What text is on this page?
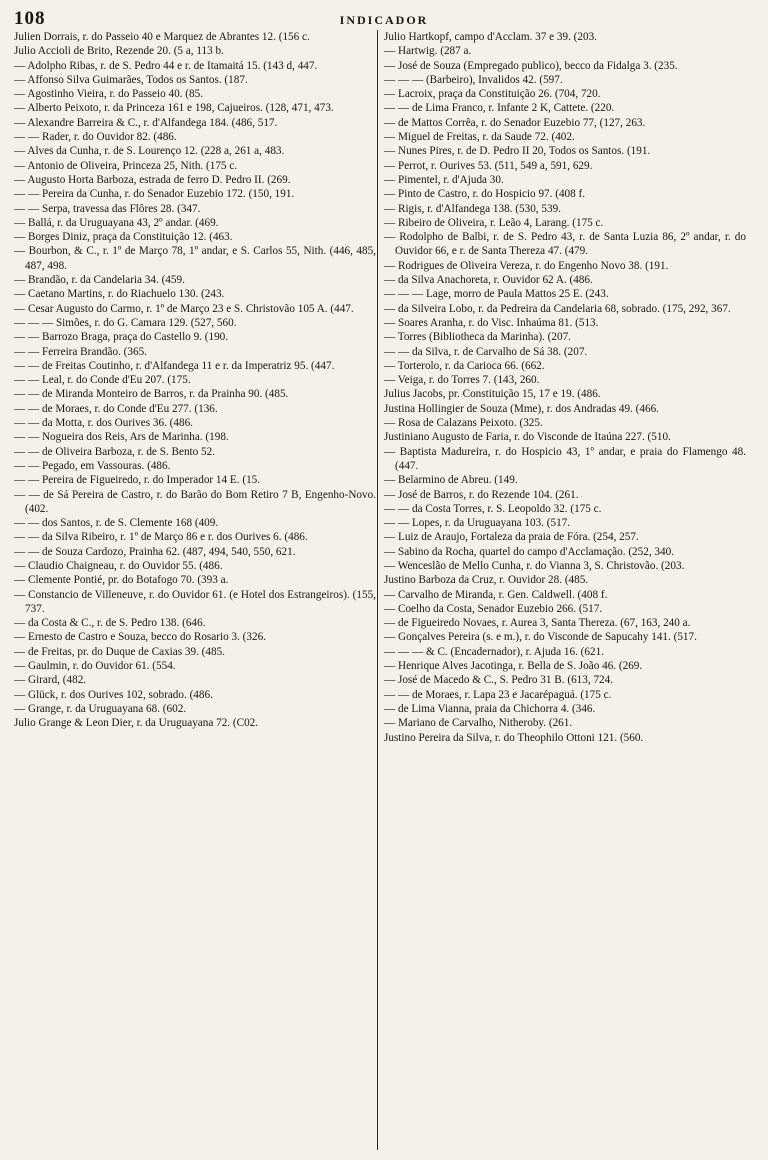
108	INDICADOR

Julien Dorrais, r. do Passeio 40 e Marquez de Abrantes 12. (156 c.

Julio Accioli de Brito, Rezende 20. (5 a, 113 b.

— Adolpho Ribas, r. de S. Pedro 44 e r. de Itamaitá 15. (143 d, 447.

— Affonso Silva Guimarães, Todos os Santos. (187.

— Agostinho Vieira, r. do Passeio 40. (85.

— Alberto Peixoto, r. da Princeza 161 e 198, Cajueiros. (128, 471, 473.

— Alexandre Barreira & C., r. d'Alfandega 184. (486, 517.

— — Rader, r. do Ouvidor 82. (486.

— Alves da Cunha, r. de S. Lourenço 12. (228 a, 261 a, 483.

— Antonio de Oliveira, Princeza 25, Nith. (175 c.

— Augusto Horta Barboza, estrada de ferro D. Pedro II. (269.

— — Pereira da Cunha, r. do Senador Euzebio 172. (150, 191.

— — Serpa, travessa das Flôres 28. (347.

— Ballá, r. da Uruguayana 43, 2º andar. (469.

— Borges Diniz, praça da Constituição 12. (463.

— Bourbon, & C., r. 1º de Março 78, 1º andar, e S. Carlos 55, Nith. (446, 485, 487, 498.

— Brandão, r. da Candelaria 34. (459.

— Caetano Martins, r. do Riachuelo 130. (243.

— Cesar Augusto do Carmo, r. 1º de Março 23 e S. Christovão 105 A. (447.

— — — Simões, r. do G. Camara 129. (527, 560.

— — Barrozo Braga, praça do Castello 9. (190.

— — Ferreira Brandão. (365.

— — de Freitas Coutinho, r. d'Alfandega 11 e r. da Imperatriz 95. (447.

— — Leal, r. do Conde d'Eu 207. (175.

— — de Miranda Monteiro de Barros, r. da Prainha 90. (485.

— — de Moraes, r. do Conde d'Eu 277. (136.

— — da Motta, r. dos Ourives 36. (486.

— — Nogueira dos Reis, Ars de Marinha. (198.

— — de Oliveira Barboza, r. de S. Bento 52.

— — Pegado, em Vassouras. (486.

— — Pereira de Figueiredo, r. do Imperador 14 E. (15.

— — de Sá Pereira de Castro, r. do Barão do Bom Retiro 7 B, Engenho-Novo. (402.

— — dos Santos, r. de S. Clemente 168 (409.

— — da Silva Ribeiro, r. 1º de Março 86 e r. dos Ourives 6. (486.

— — de Souza Cardozo, Prainha 62. (487, 494, 540, 550, 621.

— Claudio Chaigneau, r. do Ouvidor 55. (486.

— Clemente Pontié, pr. do Botafogo 70. (393 a.

— Constancio de Villeneuve, r. do Ouvidor 61. (e Hotel dos Estrangeiros). (155, 737.

— da Costa & C., r. de S. Pedro 138. (646.

— Ernesto de Castro e Souza, becco do Rosario 3. (326.

— de Freitas, pr. do Duque de Caxias 39. (485.

— Gaulmin, r. do Ouvidor 61. (554.

— Girard, (482.

— Glück, r. dos Ourives 102, sobrado. (486.

— Grange, r. da Uruguayana 68. (602.

Julio Grange & Leon Dier, r. da Uruguayana 72. (C02.

Julio Hartkopf, campo d'Acclam. 37 e 39. (203.

— Hartwig. (287 a.

— José de Souza (Empregado publico), becco da Fidalga 3. (235.

— — — (Barbeiro), Invalidos 42. (597.

— Lacroix, praça da Constituição 26. (704, 720.

— — de Lima Franco, r. Infante 2 K, Cattete. (220.

— de Mattos Corrêa, r. do Senador Euzebio 77, (127, 263.

— Miguel de Freitas, r. da Saude 72. (402.

— Nunes Pires, r. de D. Pedro II 20, Todos os Santos. (191.

— Perrot, r. Ourives 53. (511, 549 a, 591, 629.

— Pimentel, r. d'Ajuda 30.

— Pinto de Castro, r. do Hospicio 97. (408 f.

— Rigis, r. d'Alfandega 138. (530, 539.

— Ribeiro de Oliveira, r. Leão 4, Larang. (175 c.

— Rodolpho de Balbi, r. de S. Pedro 43, r. de Santa Luzia 86, 2º andar, r. do Ouvidor 66, e r. de Santa Thereza 47. (479.

— Rodrigues de Oliveira Vereza, r. do Engenho Novo 38. (191.

— da Silva Anachoreta, r. Ouvidor 62 A. (486.

— — — Lage, morro de Paula Mattos 25 E. (243.

— da Silveira Lobo, r. da Pedreira da Candelaria 68, sobrado. (175, 292, 367.

— Soares Aranha, r. do Visc. Inhaúma 81. (513.

— Torres (Bibliotheca da Marinha). (207.

— — da Silva, r. de Carvalho de Sá 38. (207.

— Torterolo, r. da Carioca 66. (662.

— Veiga, r. do Torres 7. (143, 260.

Julius Jacobs, pr. Constituição 15, 17 e 19. (486.

Justina Hollingier de Souza (Mme), r. dos Andradas 49. (466.

— Rosa de Calazans Peixoto. (325.

Justiniano Augusto de Faria, r. do Visconde de Itaúna 227. (510.

— Baptista Madureira, r. do Hospicio 43, 1º andar, e praia do Flamengo 48. (447.

— Belarmino de Abreu. (149.

— José de Barros, r. do Rezende 104. (261.

— — da Costa Torres, r. S. Leopoldo 32. (175 c.

— — Lopes, r. da Uruguayana 103. (517.

— Luiz de Araujo, Fortaleza da praia de Fóra. (254, 257.

— Sabino da Rocha, quartel do campo d'Acclamação. (252, 340.

— Wenceslão de Mello Cunha, r. do Vianna 3, S. Christovão. (203.

Justino Barboza da Cruz, r. Ouvidor 28. (485.

— Carvalho de Miranda, r. Gen. Caldwell. (408 f.

— Coelho da Costa, Senador Euzebio 266. (517.

— de Figueiredo Novaes, r. Aurea 3, Santa Thereza. (67, 163, 240 a.

— Gonçalves Pereira (s. e m.), r. do Visconde de Sapucahy 141. (517.

— — — & C. (Encadernador), r. Ajuda 16. (621.

— Henrique Alves Jacotinga, r. Bella de S. João 46. (269.

— José de Macedo & C., S. Pedro 31 B. (613, 724.

— — de Moraes, r. Lapa 23 e Jacarépaguá. (175 c.

— de Lima Vianna, praia da Chichorra 4. (346.

— Mariano de Carvalho, Nitheroby. (261.

Justino Pereira da Silva, r. do Theophilo Ottoni 121. (560.
